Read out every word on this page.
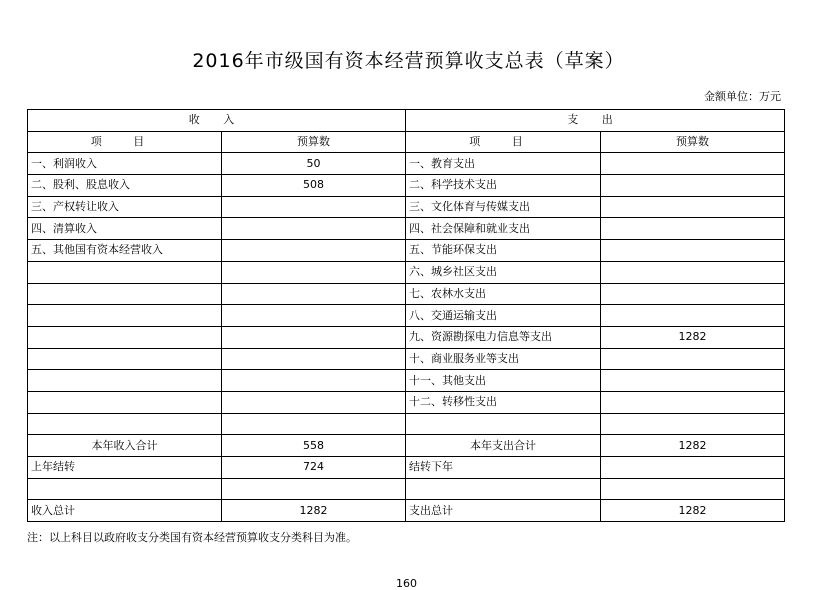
2016年市级国有资本经营预算收支总表（草案）
金额单位：万元
收 入		支 出	
项 目	预算数	项 目	预算数
一、利润收入	50	一、教育支出	
二、股利、股息收入	508	二、科学技术支出	
三、产权转让收入		三、文化体育与传媒支出	
四、清算收入		四、社会保障和就业支出	
五、其他国有资本经营收入		五、节能环保支出	
		六、城乡社区支出	
		七、农林水支出	
		八、交通运输支出	
		九、资源勘探电力信息等支出	1282
		十、商业服务业等支出	
		十一、其他支出	
		十二、转移性支出	

本年收入合计	558	本年支出合计	1282
上年结转	724	结转下年	

收入总计	1282	支出总计	1282
注：以上科目以政府收支分类国有资本经营预算收支分类科目为准。
160
